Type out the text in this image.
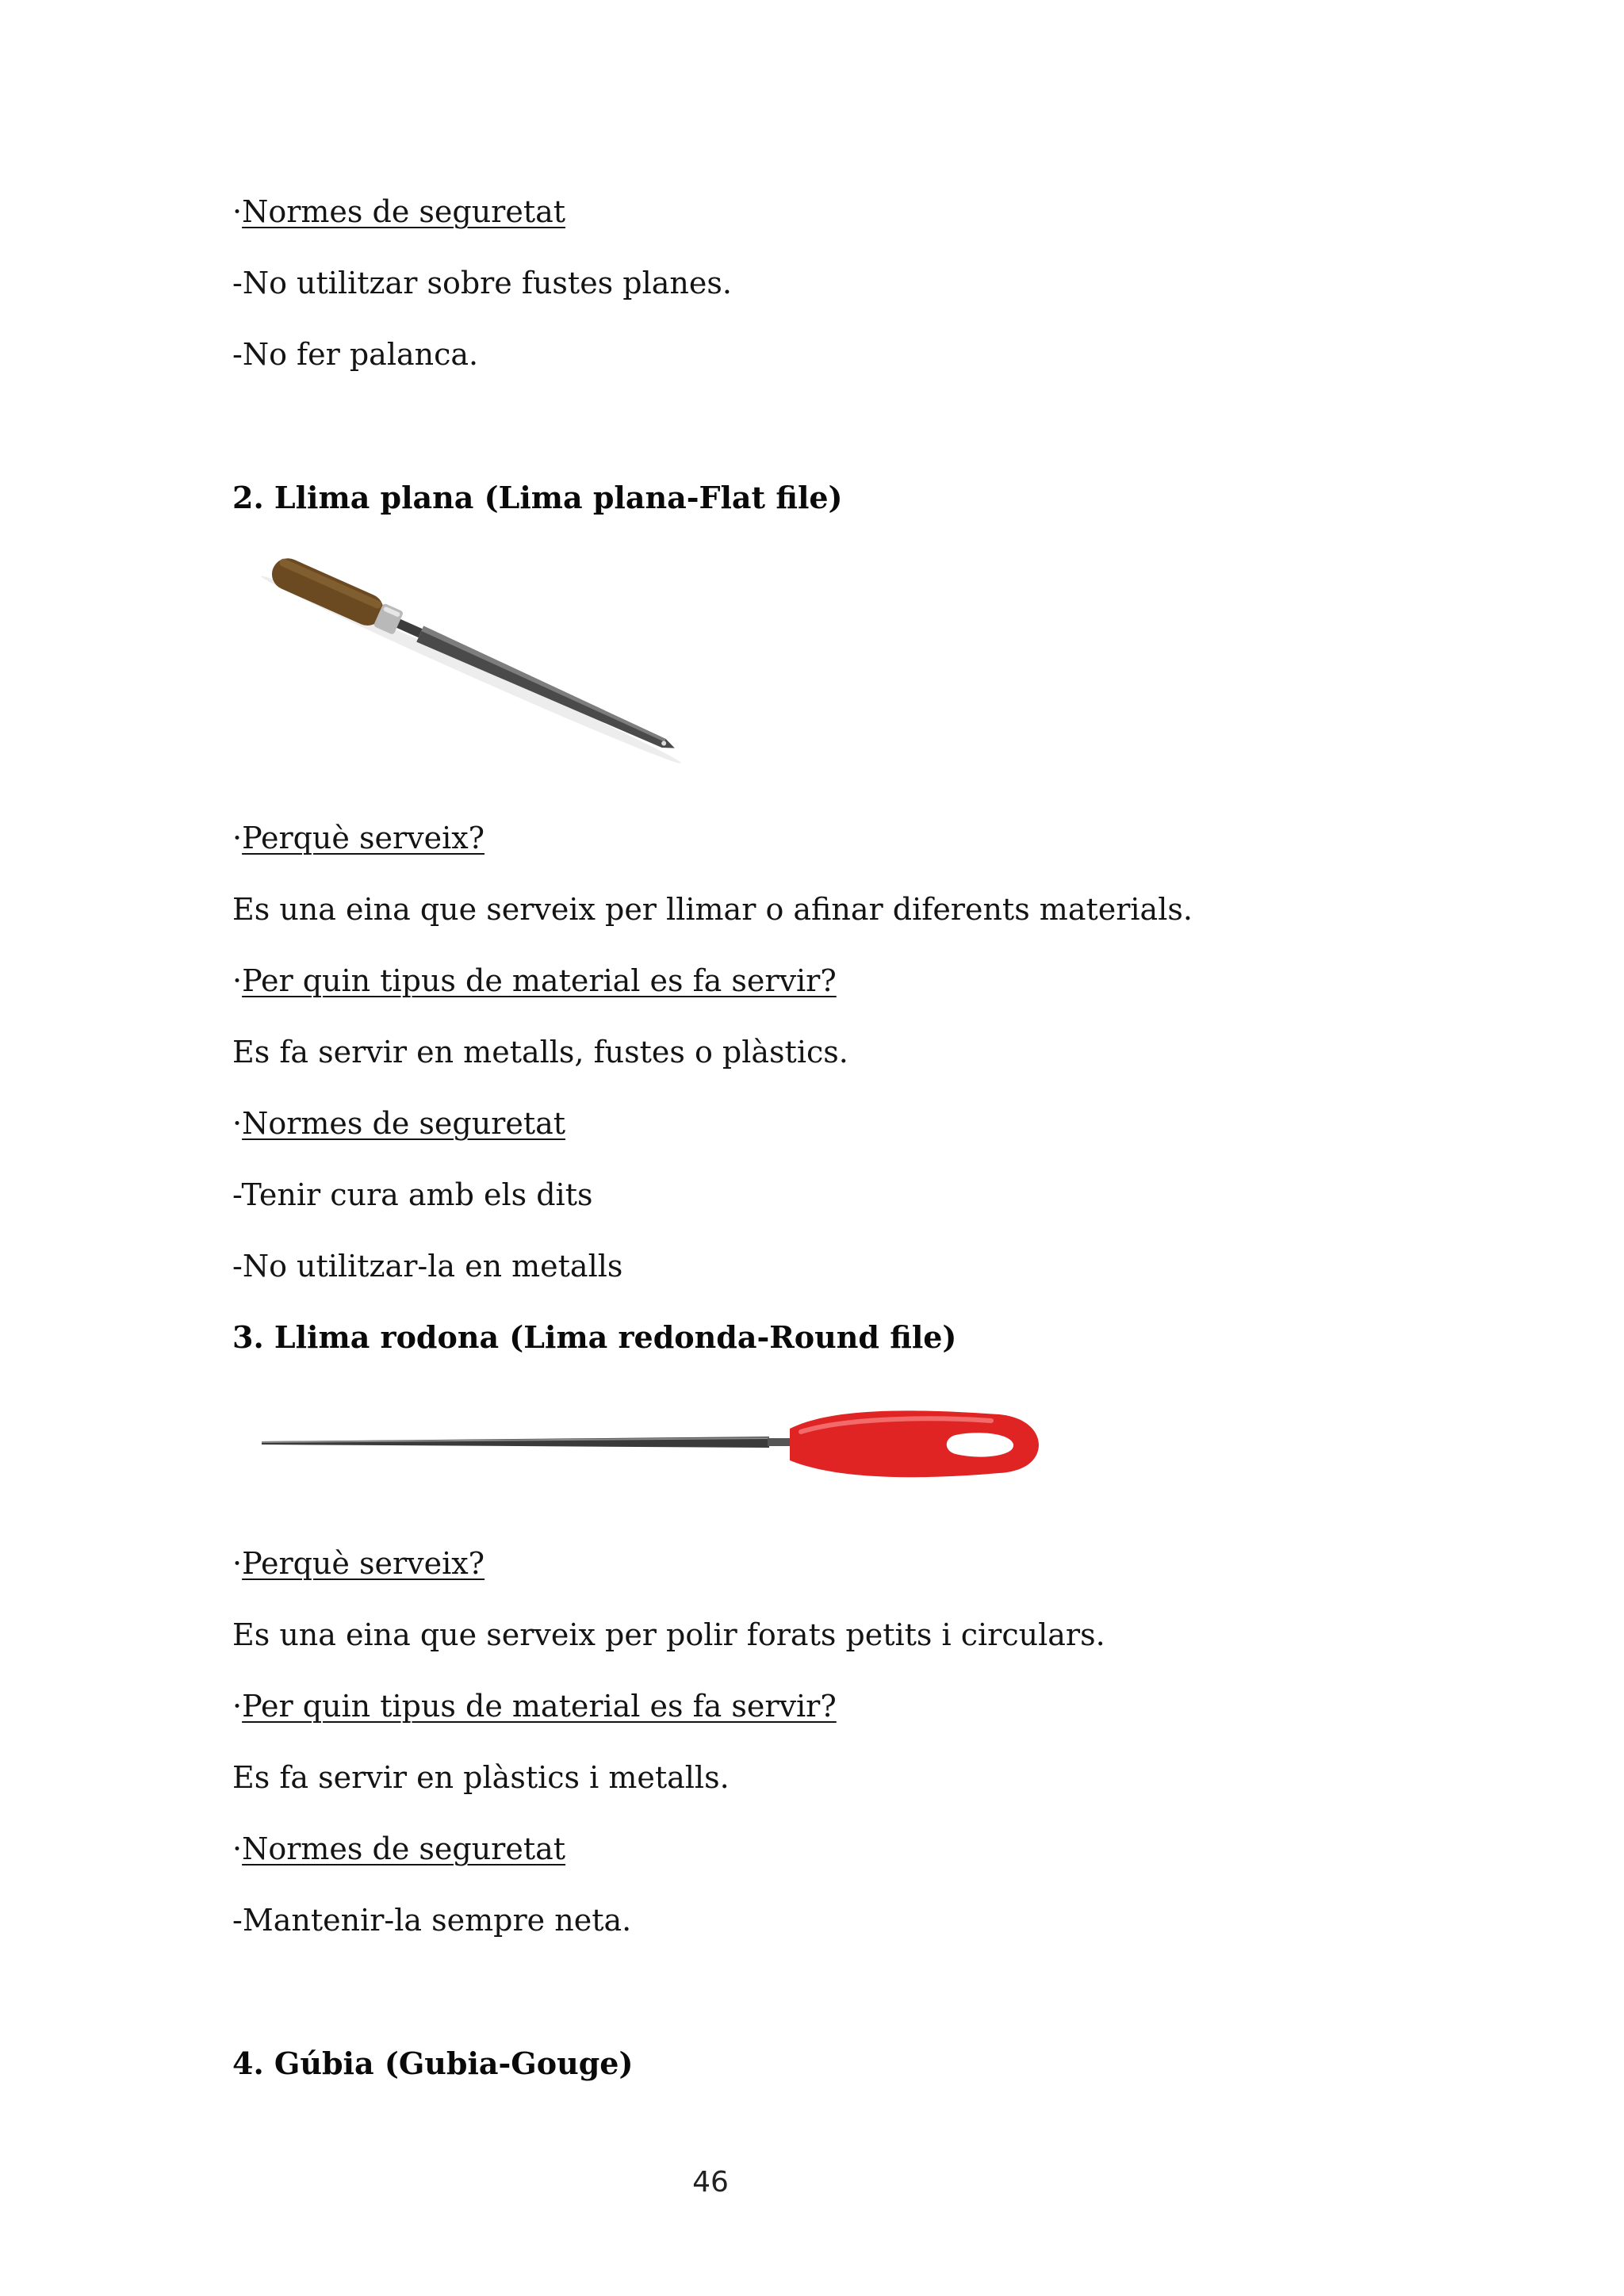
·Normes de seguretat
-No utilitzar sobre fustes planes.
-No fer palanca.
2. Llima plana (Lima plana-Flat file)
·Perquè serveix?
Es una eina que serveix per llimar o afinar diferents materials.
·Per quin tipus de material es fa servir?
Es fa servir en metalls, fustes o plàstics.
·Normes de seguretat
-Tenir cura amb els dits
-No utilitzar-la en metalls
3. Llima rodona (Lima redonda-Round file)
·Perquè serveix?
Es una eina que serveix per polir forats petits i circulars.
·Per quin tipus de material es fa servir?
Es fa servir en plàstics i metalls.
·Normes de seguretat
-Mantenir-la sempre neta.
4. Gúbia (Gubia-Gouge)
46
